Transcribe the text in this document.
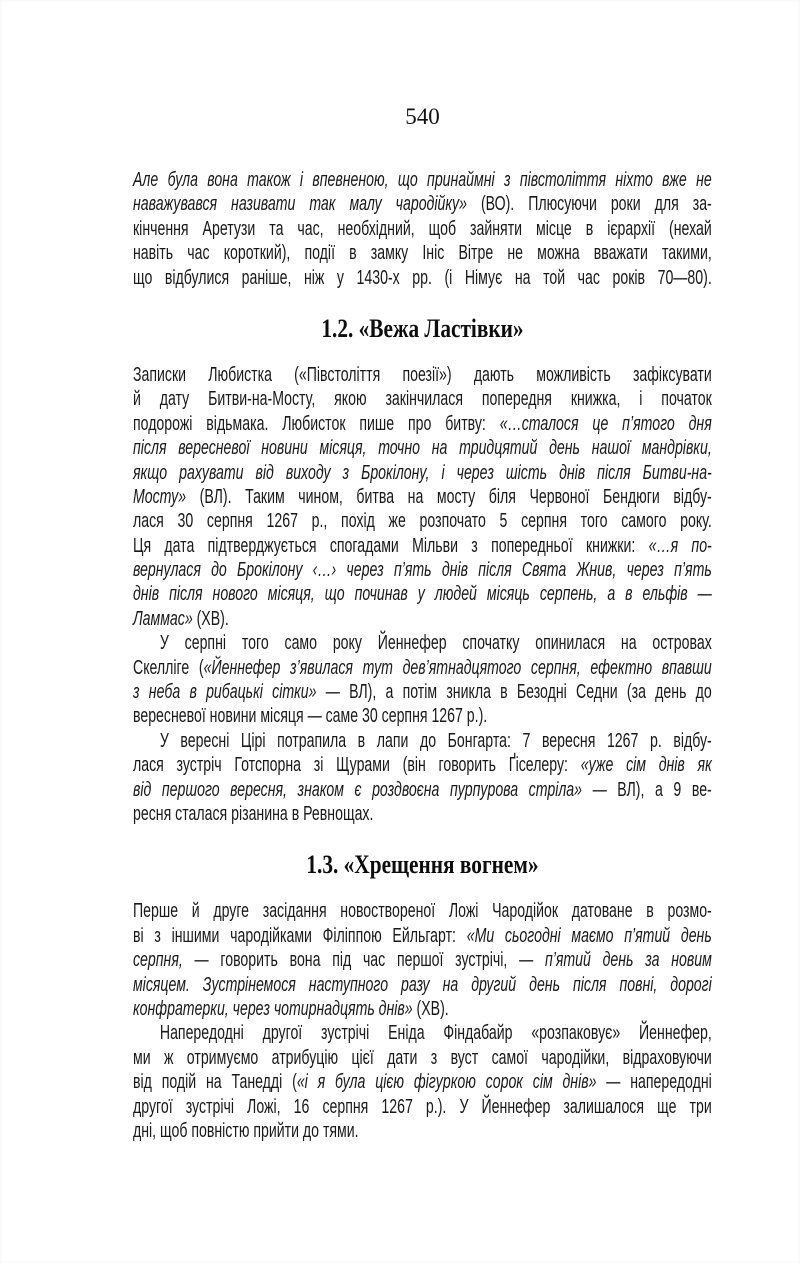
540
Але була вона також і впевненою, що принаймні з півстоліття ніхто вже не
наважувався називати так малу чародійку» (ВО). Плюсуючи роки для за-
кінчення Аретузи та час, необхідний, щоб зайняти місце в ієрархії (нехай
навіть час короткий), події в замку Ініс Вітре не можна вважати такими,
що відбулися раніше, ніж у 1430-х рр. (і Німує на той час років 70—80).
1.2. «Вежа Ластівки»
Записки Любистка («Півстоліття поезії») дають можливість зафіксувати
й дату Битви-на-Мосту, якою закінчилася попередня книжка, і початок
подорожі відьмака. Любисток пише про битву: «…сталося це п’ятого дня
після вересневої новини місяця, точно на тридцятий день нашої мандрівки,
якщо рахувати від виходу з Брокілону, і через шість днів після Битви-на-
Мосту» (ВЛ). Таким чином, битва на мосту біля Червоної Бендюги відбу-
лася 30 серпня 1267 р., похід же розпочато 5 серпня того самого року.
Ця дата підтверджується спогадами Мільви з попередньої книжки: «…я по-
вернулася до Брокілону ‹…› через п’ять днів після Свята Жнив, через п’ять
днів після нового місяця, що починав у людей місяць серпень, а в ельфів —
Ламмас» (ХВ).
У серпні того само року Йеннефер спочатку опинилася на островах
Скелліге («Йеннефер з’явилася тут дев’ятнадцятого серпня, ефектно впавши
з неба в рибацькі сітки» — ВЛ), а потім зникла в Безодні Седни (за день до
вересневої новини місяця — саме 30 серпня 1267 р.).
У вересні Цірі потрапила в лапи до Бонгарта: 7 вересня 1267 р. відбу-
лася зустріч Готспорна зі Щурами (він говорить Ґіселеру: «уже сім днів як
від першого вересня, знаком є роздвоєна пурпурова стріла» — ВЛ), а 9 ве-
ресня сталася різанина в Ревнощах.
1.3. «Хрещення вогнем»
Перше й друге засідання новоствореної Ложі Чародійок датоване в розмо-
ві з іншими чародійками Філіппою Ейльгарт: «Ми сьогодні маємо п’ятий день
серпня, — говорить вона під час першої зустрічі, — п’ятий день за новим
місяцем. Зустрінемося наступного разу на другий день після повні, дорогі
конфратерки, через чотирнадцять днів» (ХВ).
Напередодні другої зустрічі Еніда Фіндабайр «розпаковує» Йеннефер,
ми ж отримуємо атрибуцію цієї дати з вуст самої чародійки, відраховуючи
від подій на Танедді («і я була цією фігуркою сорок сім днів» — напередодні
другої зустрічі Ложі, 16 серпня 1267 р.). У Йеннефер залишалося ще три
дні, щоб повністю прийти до тями.
